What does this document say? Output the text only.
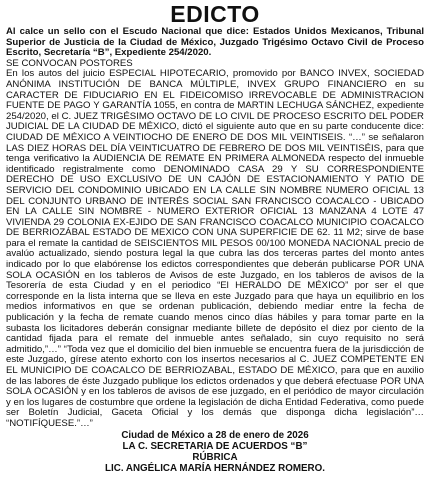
EDICTO

Al calce un sello con el Escudo Nacional que dice: Estados Unidos Mexicanos, Tribunal Superior de Justicia de la Ciudad de México, Juzgado Trigésimo Octavo Civil de Proceso Escrito, Secretaría “B”, Expediente 254/2020.

SE CONVOCAN POSTORES

En los autos del juicio ESPECIAL HIPOTECARIO, promovido por BANCO INVEX, SOCIEDAD ANÓNIMA INSTITUCIÓN DE BANCA MÚLTIPLE, INVEX GRUPO FINANCIERO en su CARACTER DE FIDUCIARIO EN EL FIDEICOMISO IRREVOCABLE DE ADMINISTRACION FUENTE DE PAGO Y GARANTÍA 1055, en contra de MARTIN LECHUGA SÁNCHEZ, expediente 254/2020, el C. JUEZ TRIGÉSIMO OCTAVO DE LO CIVIL DE PROCESO ESCRITO DEL PODER JUDICIAL DE LA CIUDAD DE MÉXICO, dictó el siguiente auto que en su parte conducente dice: CIUDAD DE MÉXICO A VEINTIOCHO DE ENERO DE DOS MIL VEINTISEIS. “…” se señalaron LAS DIEZ HORAS DEL DÍA VEINTICUATRO DE FEBRERO DE DOS MIL VEINTISÉIS, para que tenga verificativo la AUDIENCIA DE REMATE EN PRIMERA ALMONEDA respecto del inmueble identificado registralmente como DENOMINADO CASA 29 Y SU CORRESPONDIENTE DERECHO DE USO EXCLUSIVO DE UN CAJÓN DE ESTACIONAMIENTO Y PATIO DE SERVICIO DEL CONDOMINIO UBICADO EN LA CALLE SIN NOMBRE NUMERO OFICIAL 13 DEL CONJUNTO URBANO DE INTERÉS SOCIAL SAN FRANCISCO COACALCO - UBICADO EN LA CALLE SIN NOMBRE - NUMERO EXTERIOR OFICIAL 13 MANZANA 4 LOTE 47 VIVIENDA 29 COLONIA EX-EJIDO DE SAN FRANCISCO COACALCO MUNICIPIO COACALCO DE BERRIOZÁBAL ESTADO DE MEXICO CON UNA SUPERFICIE DE 62. 11 M2; sirve de base para el remate la cantidad de SEISCIENTOS MIL PESOS 00/100 MONEDA NACIONAL precio de avalúo actualizado, siendo postura legal la que cubra las dos terceras partes del monto antes indicado por lo que elabórense los edictos correspondientes que deberán publicarse POR UNA SOLA OCASIÓN en los tableros de Avisos de este Juzgado, en los tableros de avisos de la Tesorería de esta Ciudad y en el periodico “El HERALDO DE MÉXICO” por ser el que corresponde en la lista interna que se lleva en este Juzgado para que haya un equilibrio en los medios informativos en que se ordenan publicación, debiendo mediar entre la fecha de publicación y la fecha de remate cuando menos cinco días hábiles y para tomar parte en la subasta los licitadores deberán consignar mediante billete de depósito el diez por ciento de la cantidad fijada para el remate del inmueble antes señalado, sin cuyo requisito no será admitido,”…” “Toda vez que el domicilio del bien inmueble se encuentra fuera de la jurisdicción de este Juzgado, gírese atento exhorto con los insertos necesarios al C. JUEZ COMPETENTE EN EL MUNICIPIO DE COACALCO DE BERRIOZABAL, ESTADO DE MÉXICO, para que en auxilio de las labores de éste Juzgado publique los edictos ordenados y que deberá efectuase POR UNA SOLA OCASIÓN y en los tableros de avisos de ese juzgado, en el periódico de mayor circulación y en los lugares de costumbre que ordene la legislación de dicha Entidad Federativa, como puede ser Boletín Judicial, Gaceta Oficial y los demás que disponga dicha legislación”… “NOTIFÍQUESE.”…”

Ciudad de México a 28 de enero de 2026

LA C. SECRETARIA DE ACUERDOS “B”

RÚBRICA

LIC. ANGÉLICA MARÍA HERNÁNDEZ ROMERO.
